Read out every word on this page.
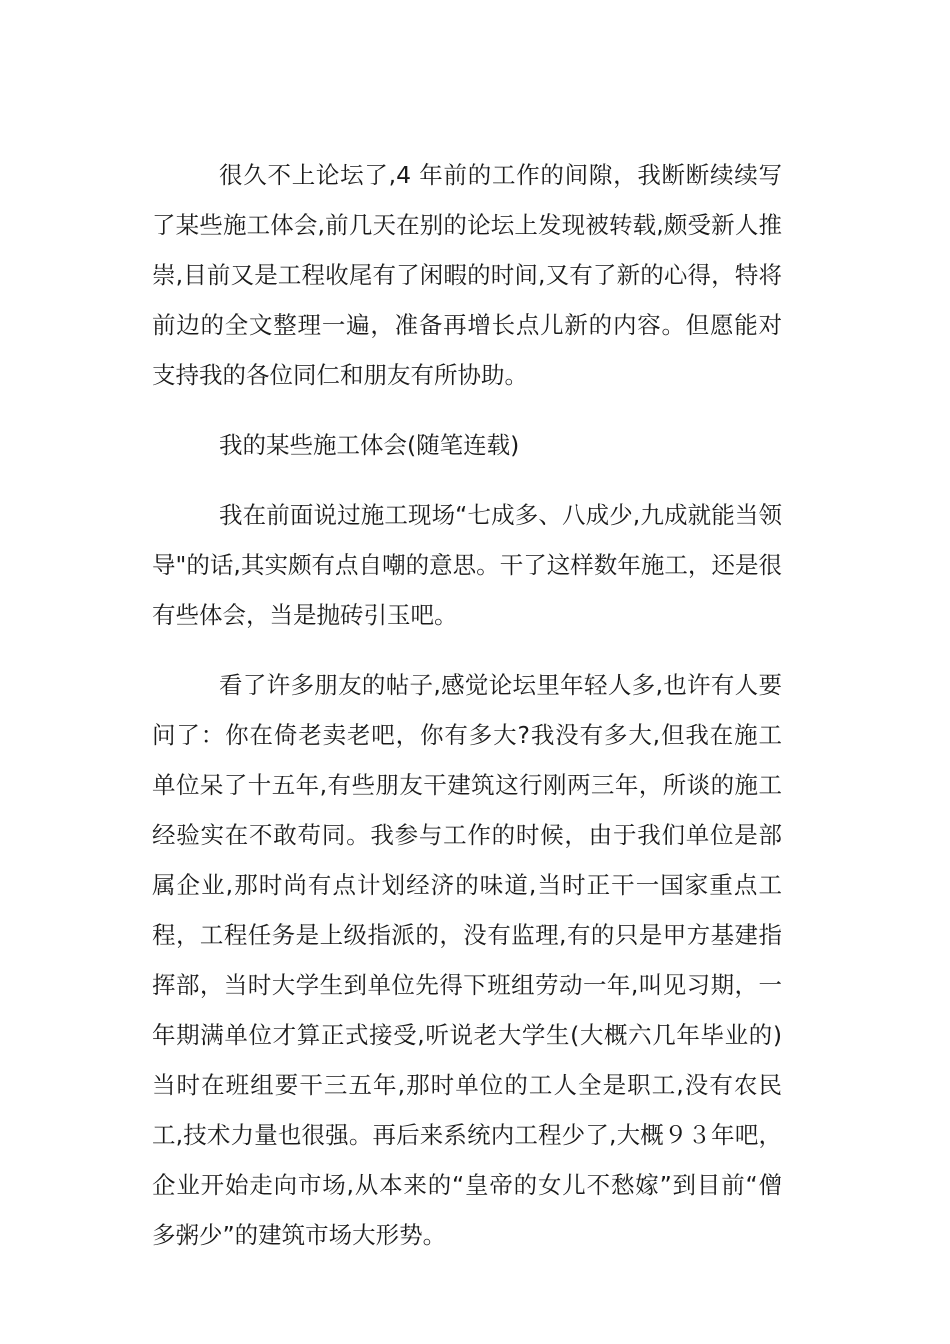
很久不上论坛了,4 年前的工作的间隙，我断断续续写了某些施工体会,前几天在别的论坛上发现被转载,颇受新人推崇,目前又是工程收尾有了闲暇的时间,又有了新的心得，特将前边的全文整理一遍，准备再增长点儿新的内容。但愿能对支持我的各位同仁和朋友有所协助。

我的某些施工体会(随笔连载)

我在前面说过施工现场“七成多、八成少,九成就能当领导"的话,其实颇有点自嘲的意思。干了这样数年施工，还是很有些体会，当是抛砖引玉吧。

看了许多朋友的帖子,感觉论坛里年轻人多,也许有人要问了：你在倚老卖老吧，你有多大?我没有多大,但我在施工单位呆了十五年,有些朋友干建筑这行刚两三年，所谈的施工经验实在不敢苟同。我参与工作的时候，由于我们单位是部属企业,那时尚有点计划经济的味道,当时正干一国家重点工程，工程任务是上级指派的，没有监理,有的只是甲方基建指挥部，当时大学生到单位先得下班组劳动一年,叫见习期，一年期满单位才算正式接受,听说老大学生(大概六几年毕业的)当时在班组要干三五年,那时单位的工人全是职工,没有农民工,技术力量也很强。再后来系统内工程少了,大概９３年吧，企业开始走向市场,从本来的“皇帝的女儿不愁嫁”到目前“僧多粥少”的建筑市场大形势。
